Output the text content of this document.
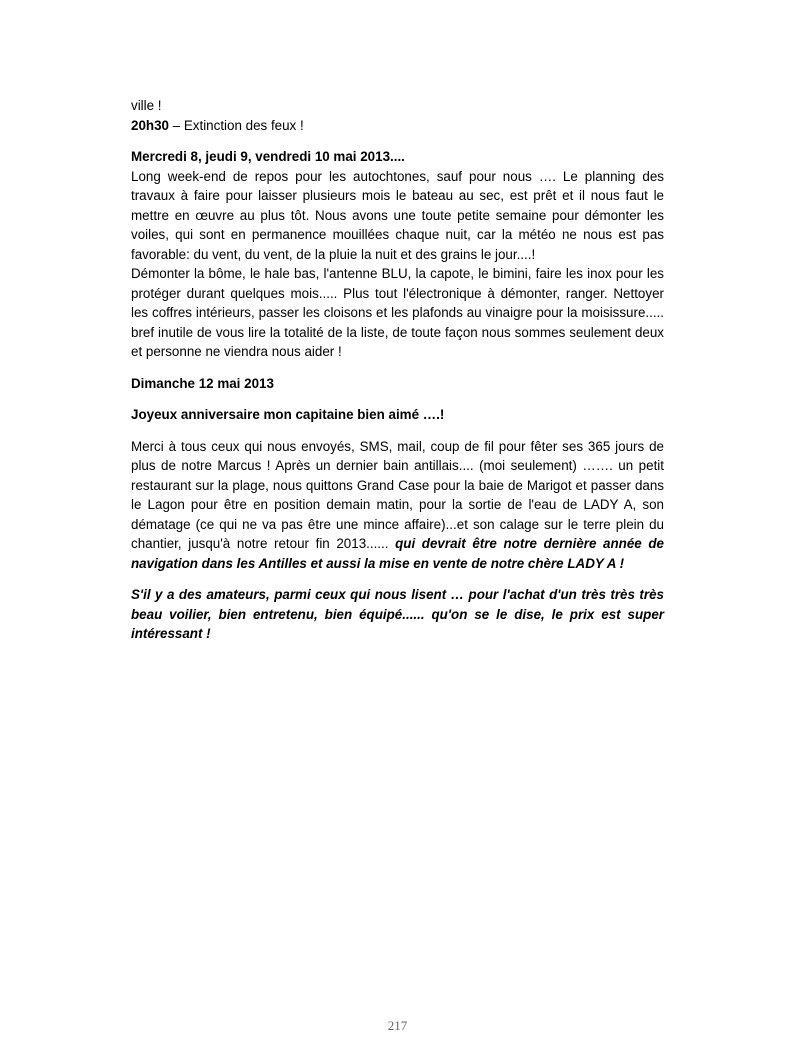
ville !

20h30 – Extinction des feux !

Mercredi 8, jeudi 9, vendredi 10 mai 2013....

Long week-end de repos pour les autochtones, sauf pour nous …. Le planning des travaux à faire pour laisser plusieurs mois le bateau au sec, est prêt et il nous faut le mettre en œuvre au plus tôt. Nous avons une toute petite semaine pour démonter les voiles, qui sont en permanence mouillées chaque nuit, car la météo ne nous est pas favorable: du vent, du vent, de la pluie la nuit et des grains le jour....!

Démonter la bôme, le hale bas, l'antenne BLU, la capote, le bimini, faire les inox pour les protéger durant quelques mois..... Plus tout l'électronique à démonter, ranger. Nettoyer les coffres intérieurs, passer les cloisons et les plafonds au vinaigre pour la moisissure..... bref inutile de vous lire la totalité de la liste, de toute façon nous sommes seulement deux et personne ne viendra nous aider !

Dimanche 12 mai 2013

Joyeux anniversaire mon capitaine bien aimé ….!

Merci à tous ceux qui nous envoyés, SMS, mail, coup de fil pour fêter ses 365 jours de plus de notre Marcus ! Après un dernier bain antillais.... (moi seulement) ……. un petit restaurant sur la plage, nous quittons Grand Case pour la baie de Marigot et passer dans le Lagon pour être en position demain matin, pour la sortie de l'eau de LADY A, son dématage (ce qui ne va pas être une mince affaire)...et son calage sur le terre plein du chantier, jusqu'à notre retour fin 2013...... qui devrait être notre dernière année de navigation dans les Antilles et aussi la mise en vente de notre chère LADY A !

S'il y a des amateurs, parmi ceux qui nous lisent … pour l'achat d'un très très très beau voilier, bien entretenu, bien équipé...... qu'on se le dise, le prix est super intéressant !

217
